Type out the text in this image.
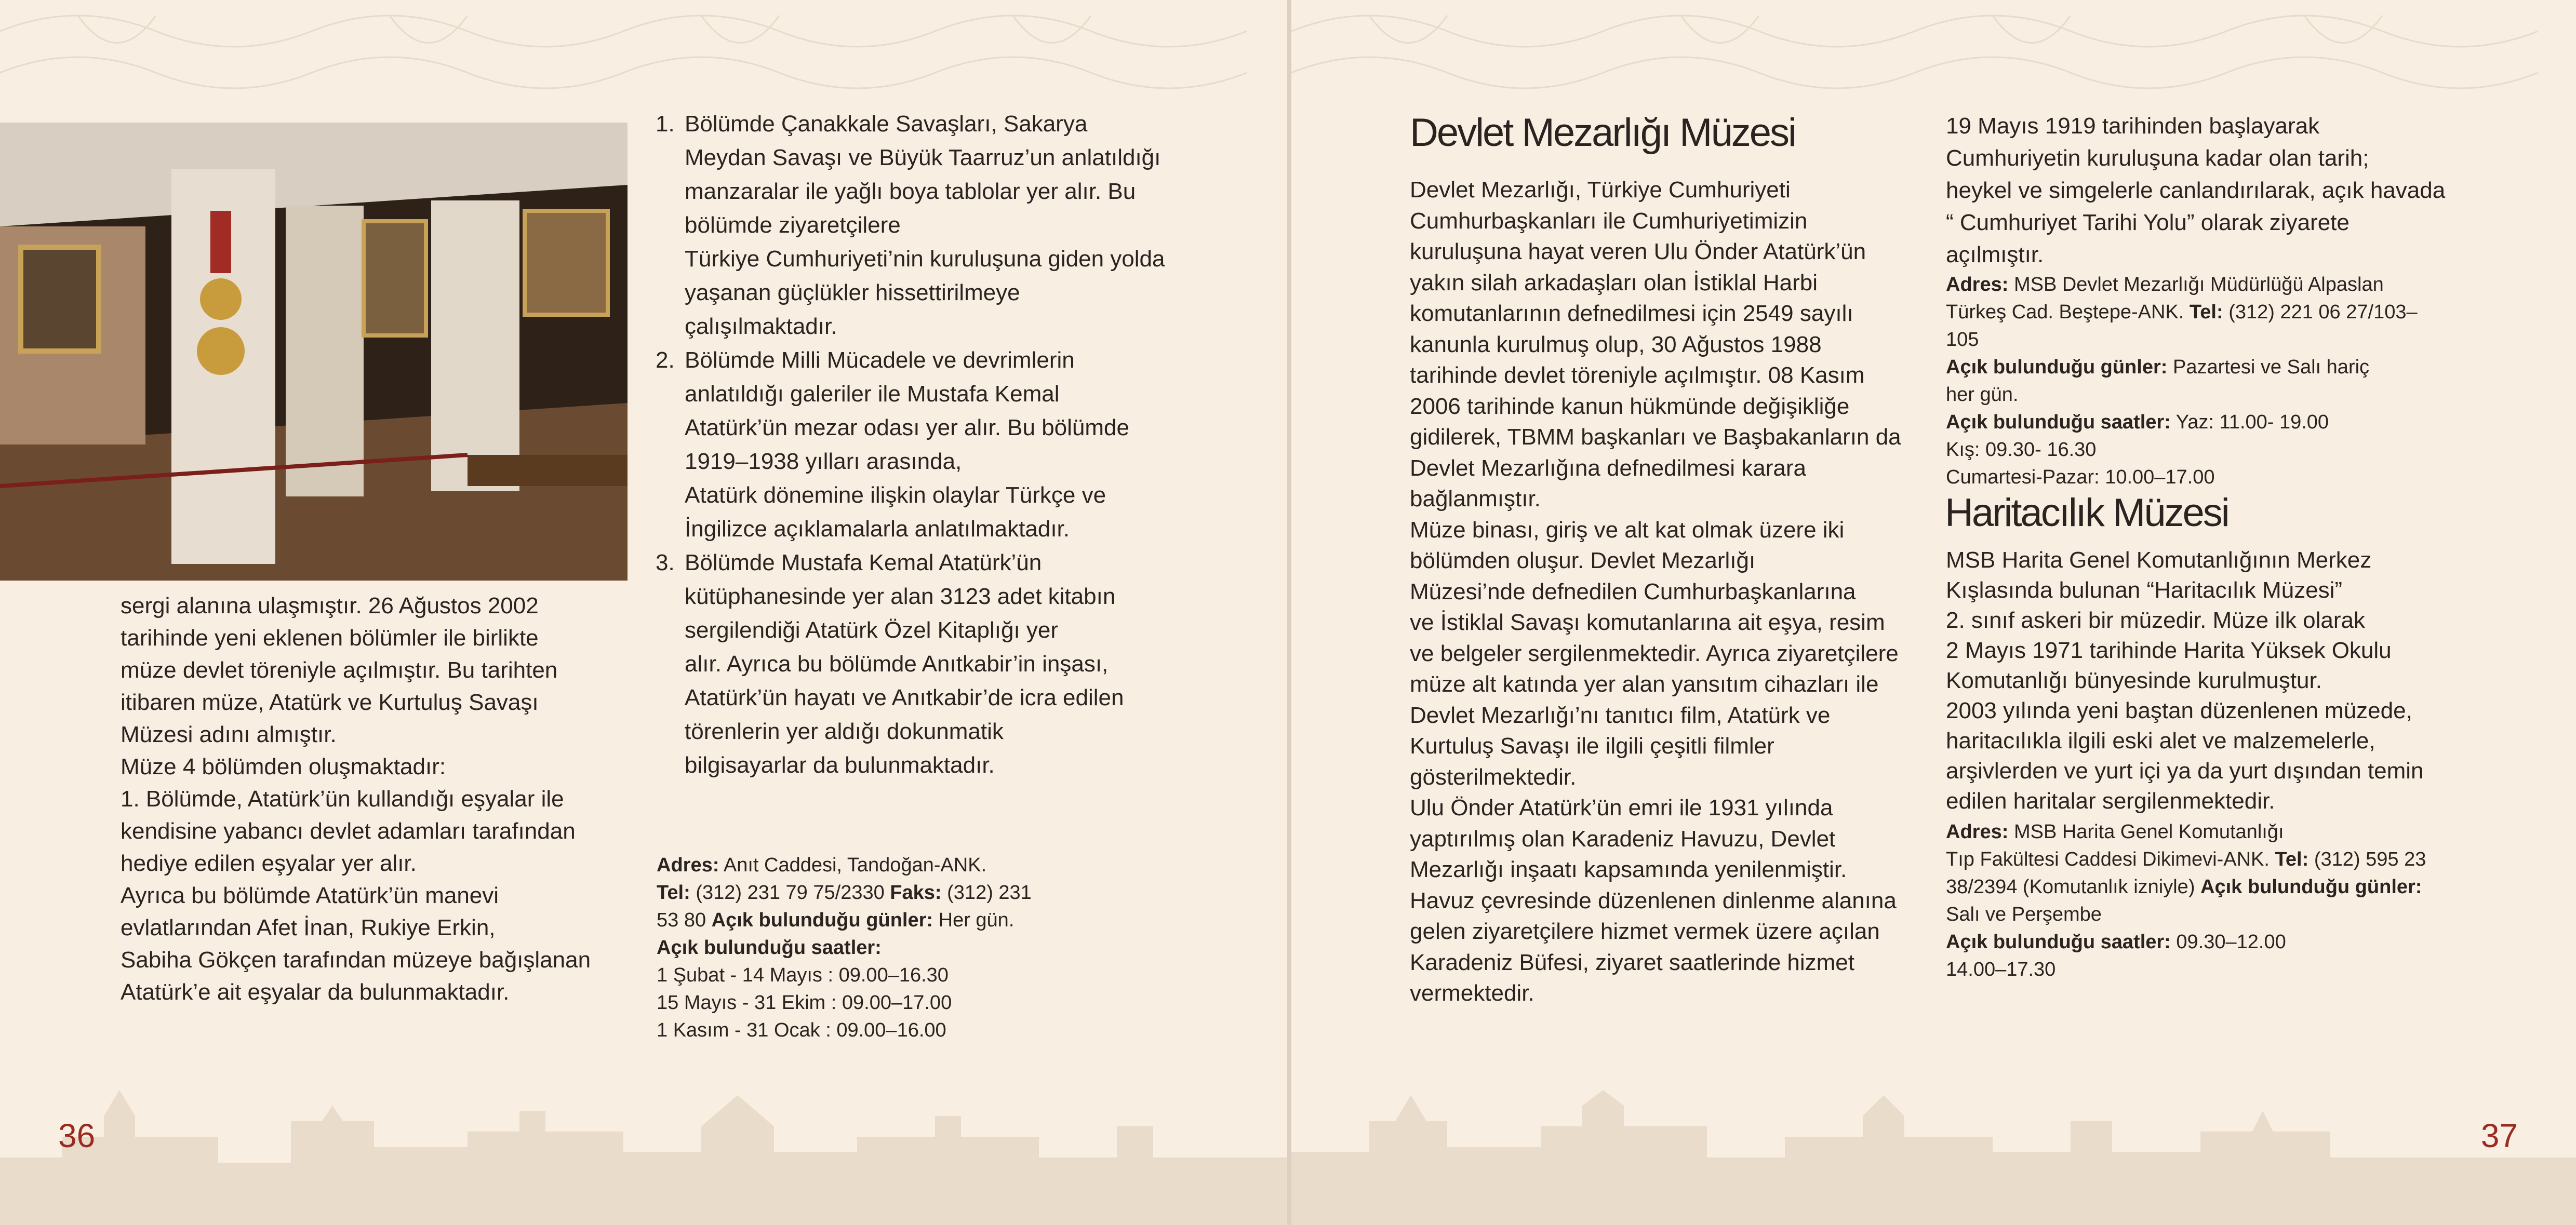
sergi alanına ulaşmıştır. 26 Ağustos 2002

tarihinde yeni eklenen bölümler ile birlikte

müze devlet töreniyle açılmıştır. Bu tarihten

itibaren müze, Atatürk ve Kurtuluş Savaşı

Müzesi adını almıştır.

Müze 4 bölümden oluşmaktadır:

1. Bölümde, Atatürk’ün kullandığı eşyalar ile

kendisine yabancı devlet adamları tarafından

hediye edilen eşyalar yer alır.

Ayrıca bu bölümde Atatürk’ün manevi

evlatlarından Afet İnan, Rukiye Erkin,

Sabiha Gökçen tarafından müzeye bağışlanan

Atatürk’e ait eşyalar da bulunmaktadır.

1. Bölümde Çanakkale Savaşları, Sakarya

Meydan Savaşı ve Büyük Taarruz’un anlatıldığı

manzaralar ile yağlı boya tablolar yer alır. Bu

bölümde ziyaretçilere

Türkiye Cumhuriyeti’nin kuruluşuna giden yolda

yaşanan güçlükler hissettirilmeye

çalışılmaktadır.

2. Bölümde Milli Mücadele ve devrimlerin

anlatıldığı galeriler ile Mustafa Kemal

Atatürk’ün mezar odası yer alır. Bu bölümde

1919–1938 yılları arasında,

Atatürk dönemine ilişkin olaylar Türkçe ve

İngilizce açıklamalarla anlatılmaktadır.

3. Bölümde Mustafa Kemal Atatürk’ün

kütüphanesinde yer alan 3123 adet kitabın

sergilendiği Atatürk Özel Kitaplığı yer

alır. Ayrıca bu bölümde Anıtkabir’in inşası,

Atatürk’ün hayatı ve Anıtkabir’de icra edilen

törenlerin yer aldığı dokunmatik

bilgisayarlar da bulunmaktadır.

Adres: Anıt Caddesi, Tandoğan-ANK.

Tel: (312) 231 79 75/2330 Faks: (312) 231

53 80 Açık bulunduğu günler: Her gün.

Açık bulunduğu saatler:

1 Şubat - 14 Mayıs : 09.00–16.30

15 Mayıs - 31 Ekim : 09.00–17.00

1 Kasım - 31 Ocak : 09.00–16.00

36
Devlet Mezarlığı Müzesi

Devlet Mezarlığı, Türkiye Cumhuriyeti

Cumhurbaşkanları ile Cumhuriyetimizin

kuruluşuna hayat veren Ulu Önder Atatürk’ün

yakın silah arkadaşları olan İstiklal Harbi

komutanlarının defnedilmesi için 2549 sayılı

kanunla kurulmuş olup, 30 Ağustos 1988

tarihinde devlet töreniyle açılmıştır. 08 Kasım

2006 tarihinde kanun hükmünde değişikliğe

gidilerek, TBMM başkanları ve Başbakanların da

Devlet Mezarlığına defnedilmesi karara

bağlanmıştır.

Müze binası, giriş ve alt kat olmak üzere iki

bölümden oluşur. Devlet Mezarlığı

Müzesi’nde defnedilen Cumhurbaşkanlarına

ve İstiklal Savaşı komutanlarına ait eşya, resim

ve belgeler sergilenmektedir. Ayrıca ziyaretçilere

müze alt katında yer alan yansıtım cihazları ile

Devlet Mezarlığı’nı tanıtıcı film, Atatürk ve

Kurtuluş Savaşı ile ilgili çeşitli filmler

gösterilmektedir.

Ulu Önder Atatürk’ün emri ile 1931 yılında

yaptırılmış olan Karadeniz Havuzu, Devlet

Mezarlığı inşaatı kapsamında yenilenmiştir.

Havuz çevresinde düzenlenen dinlenme alanına

gelen ziyaretçilere hizmet vermek üzere açılan

Karadeniz Büfesi, ziyaret saatlerinde hizmet

vermektedir.

19 Mayıs 1919 tarihinden başlayarak

Cumhuriyetin kuruluşuna kadar olan tarih;

heykel ve simgelerle canlandırılarak, açık havada

“ Cumhuriyet Tarihi Yolu” olarak ziyarete

açılmıştır.

Adres: MSB Devlet Mezarlığı Müdürlüğü Alpaslan

Türkeş Cad. Beştepe-ANK. Tel: (312) 221 06 27/103–

105

Açık bulunduğu günler: Pazartesi ve Salı hariç

her gün.

Açık bulunduğu saatler: Yaz: 11.00- 19.00

Kış: 09.30- 16.30

Cumartesi-Pazar: 10.00–17.00

Haritacılık Müzesi

MSB Harita Genel Komutanlığının Merkez

Kışlasında bulunan “Haritacılık Müzesi”

2. sınıf askeri bir müzedir. Müze ilk olarak

2 Mayıs 1971 tarihinde Harita Yüksek Okulu

Komutanlığı bünyesinde kurulmuştur.

2003 yılında yeni baştan düzenlenen müzede,

haritacılıkla ilgili eski alet ve malzemelerle,

arşivlerden ve yurt içi ya da yurt dışından temin

edilen haritalar sergilenmektedir.

Adres: MSB Harita Genel Komutanlığı

Tıp Fakültesi Caddesi Dikimevi-ANK. Tel: (312) 595 23

38/2394 (Komutanlık izniyle) Açık bulunduğu günler:

Salı ve Perşembe

Açık bulunduğu saatler: 09.30–12.00

14.00–17.30

37
